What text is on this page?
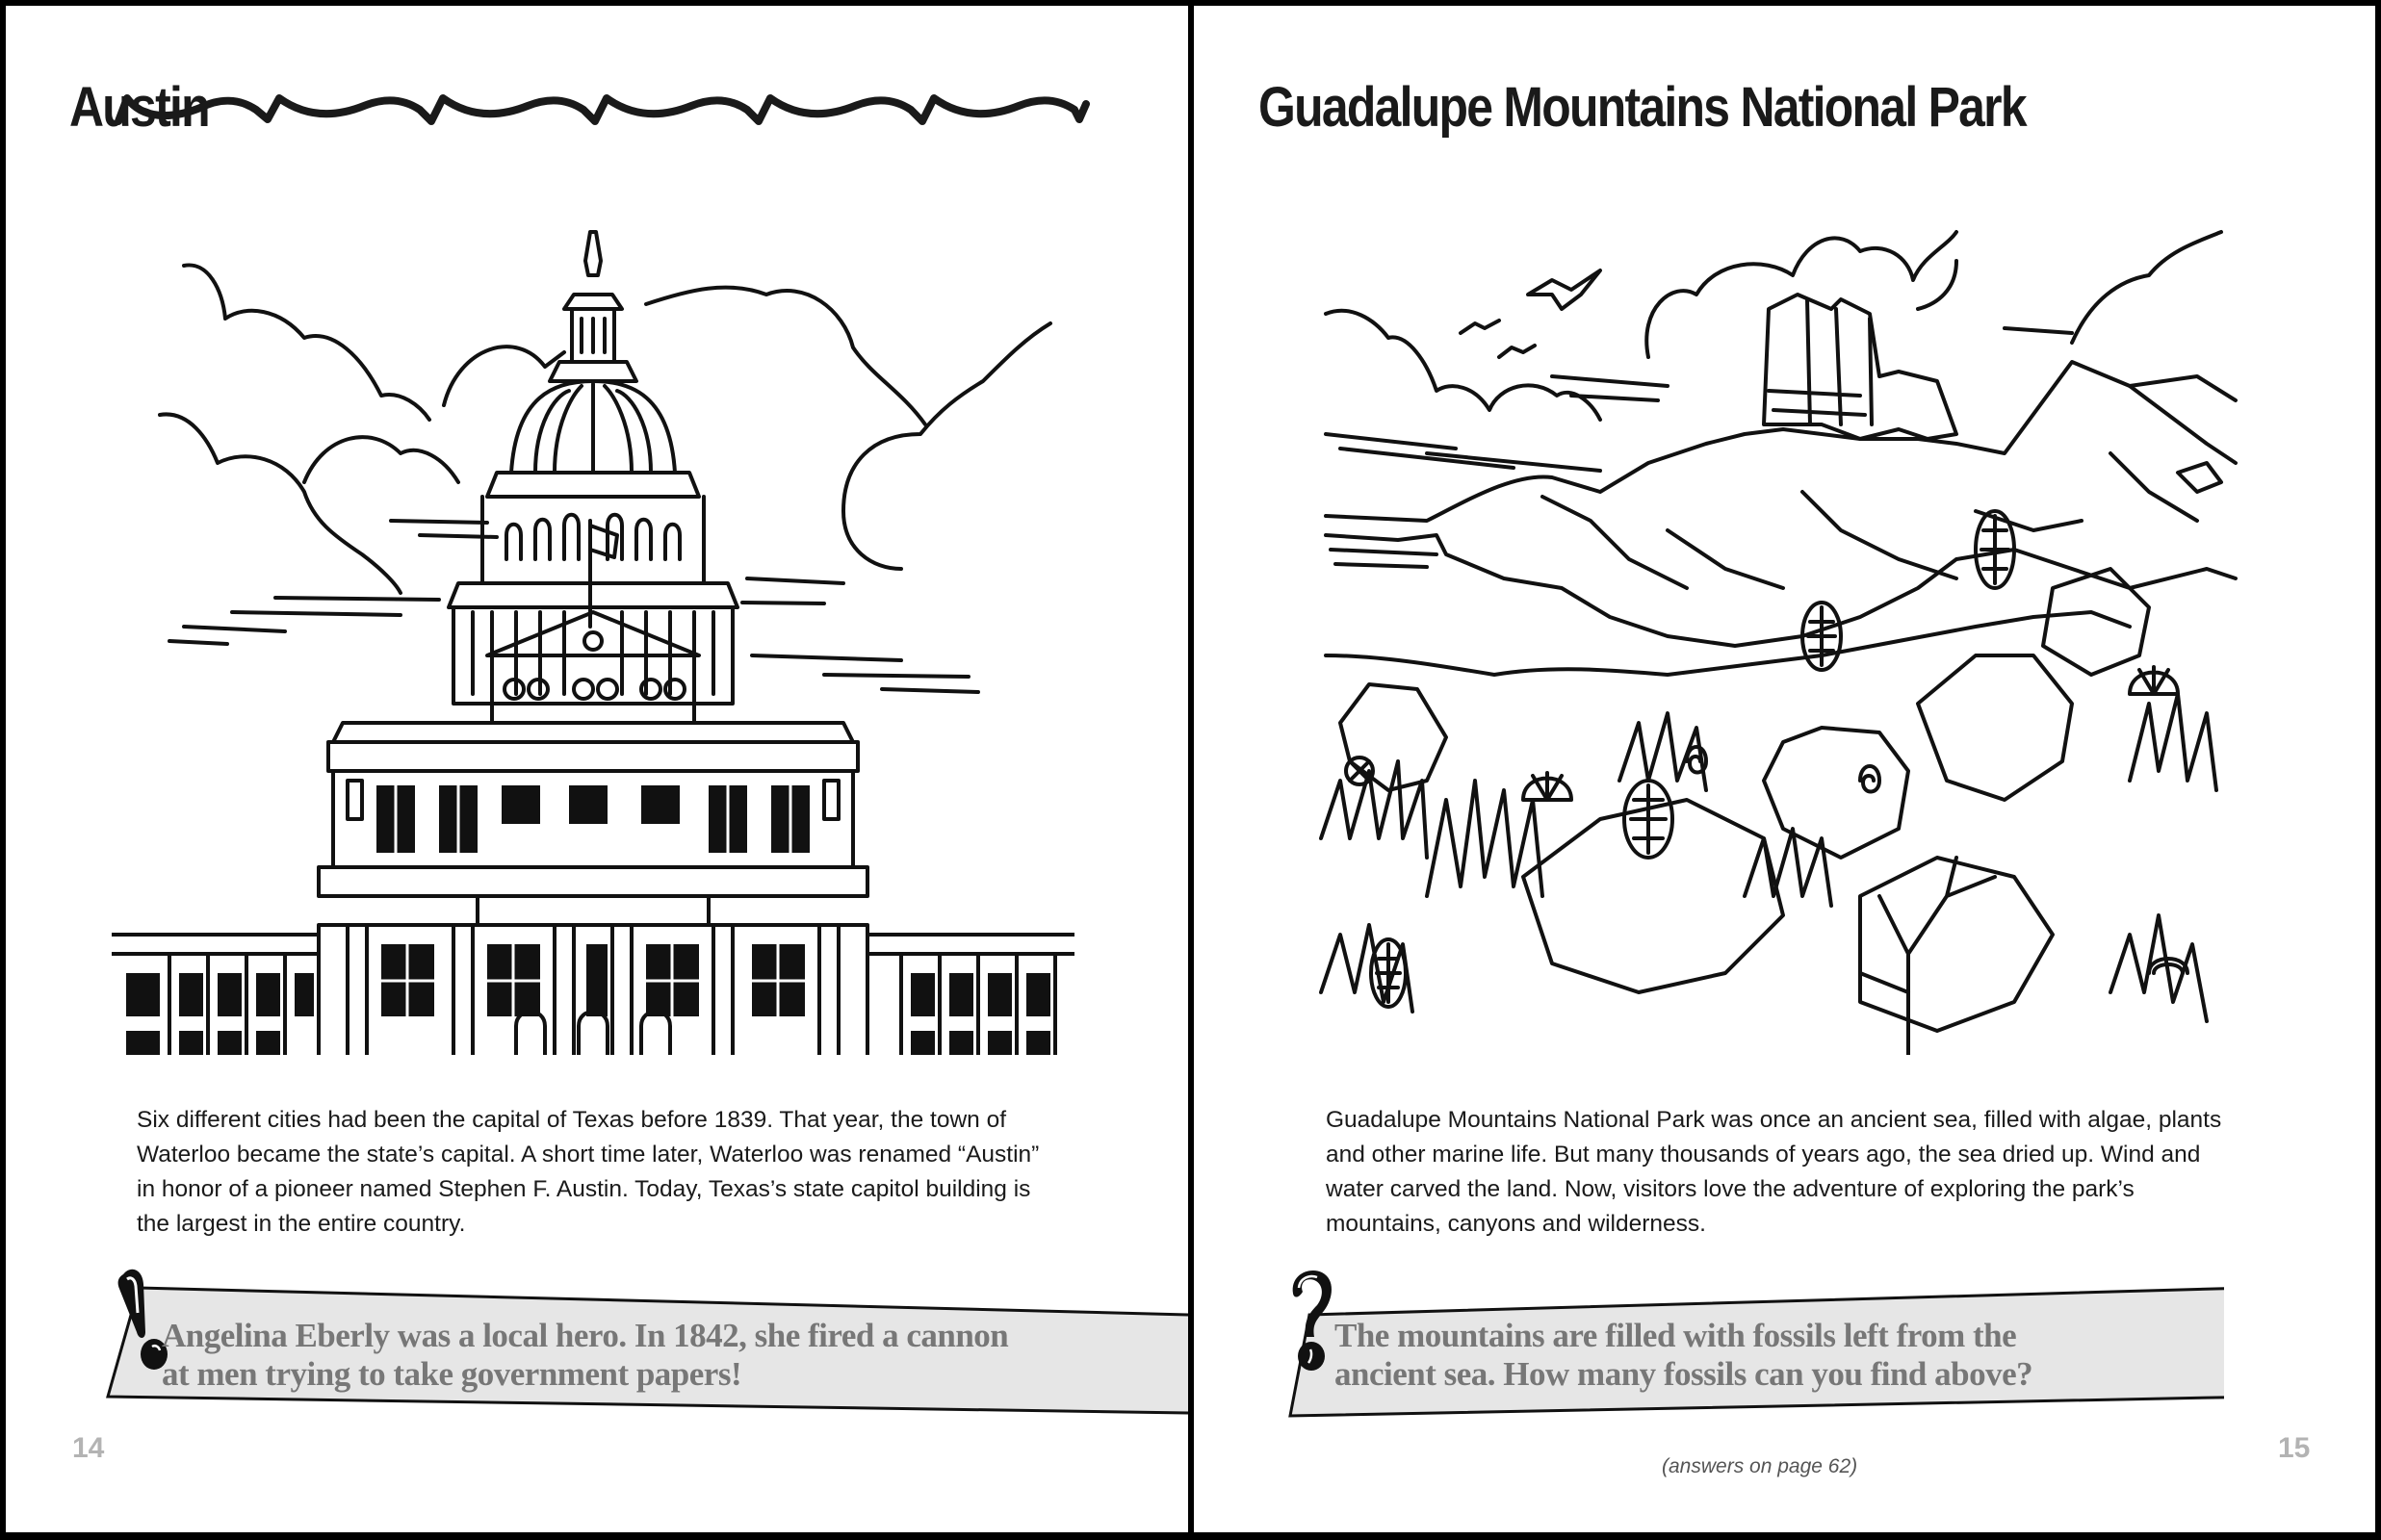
Austin
Six different cities had been the capital of Texas before 1839. That year, the town of Waterloo became the state’s capital. A short time later, Waterloo was renamed “Austin” in honor of a pioneer named Stephen F. Austin. Today, Texas’s state capitol building is the largest in the entire country.
Angelina Eberly was a local hero. In 1842, she fired a cannon at men trying to take government papers!
14
Guadalupe Mountains National Park
Guadalupe Mountains National Park was once an ancient sea, filled with algae, plants and other marine life. But many thousands of years ago, the sea dried up. Wind and water carved the land. Now, visitors love the adventure of exploring the park’s mountains, canyons and wilderness.
The mountains are filled with fossils left from the ancient sea. How many fossils can you find above?
(answers on page 62)
15
